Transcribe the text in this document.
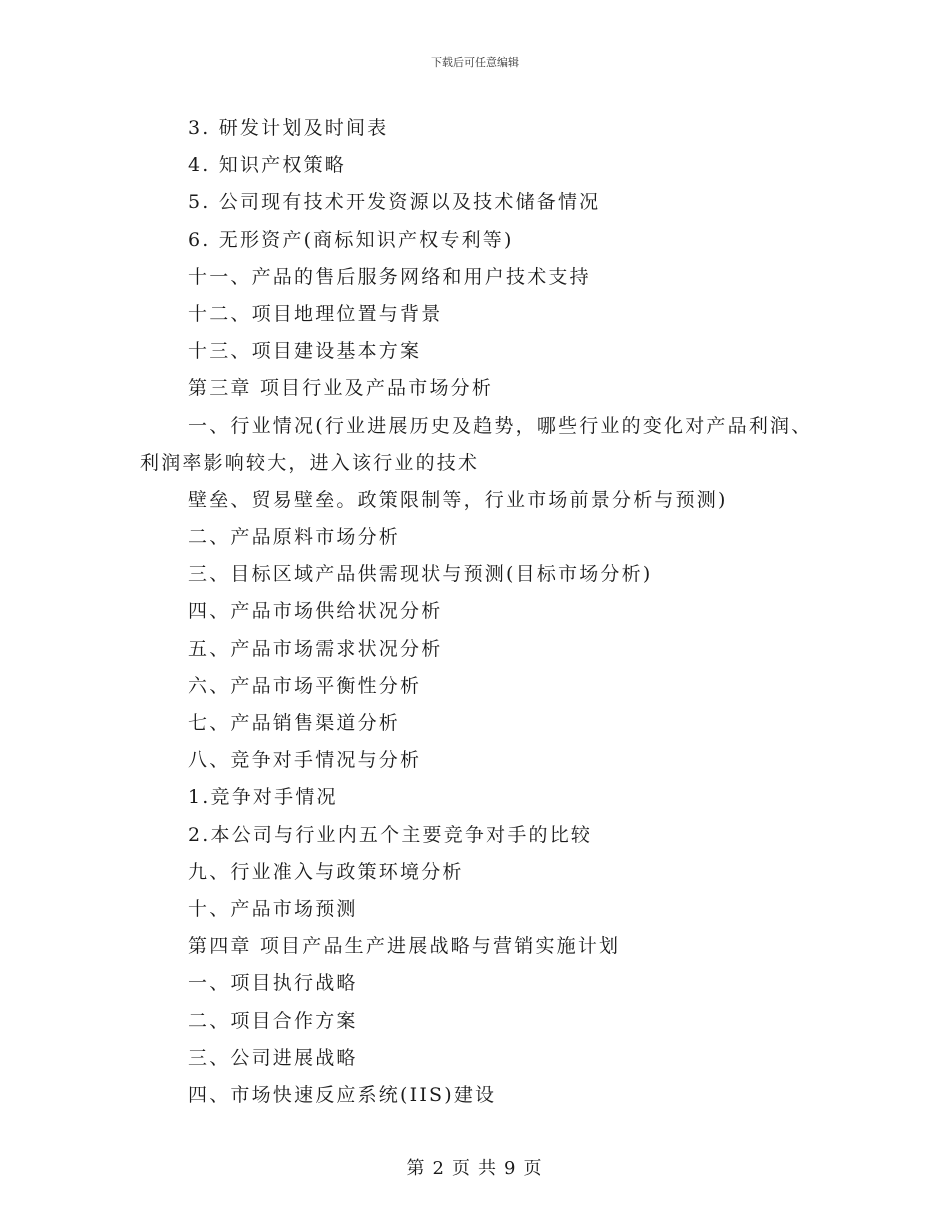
下载后可任意编辑
3. 研发计划及时间表
4. 知识产权策略
5. 公司现有技术开发资源以及技术储备情况
6. 无形资产(商标知识产权专利等)
十一、产品的售后服务网络和用户技术支持
十二、项目地理位置与背景
十三、项目建设基本方案
第三章 项目行业及产品市场分析
一、行业情况(行业进展历史及趋势，哪些行业的变化对产品利润、
利润率影响较大，进入该行业的技术
壁垒、贸易壁垒。政策限制等，行业市场前景分析与预测)
二、产品原料市场分析
三、目标区域产品供需现状与预测(目标市场分析)
四、产品市场供给状况分析
五、产品市场需求状况分析
六、产品市场平衡性分析
七、产品销售渠道分析
八、竞争对手情况与分析
1.竞争对手情况
2.本公司与行业内五个主要竞争对手的比较
九、行业准入与政策环境分析
十、产品市场预测
第四章 项目产品生产进展战略与营销实施计划
一、项目执行战略
二、项目合作方案
三、公司进展战略
四、市场快速反应系统(IIS)建设
第 2 页 共 9 页
